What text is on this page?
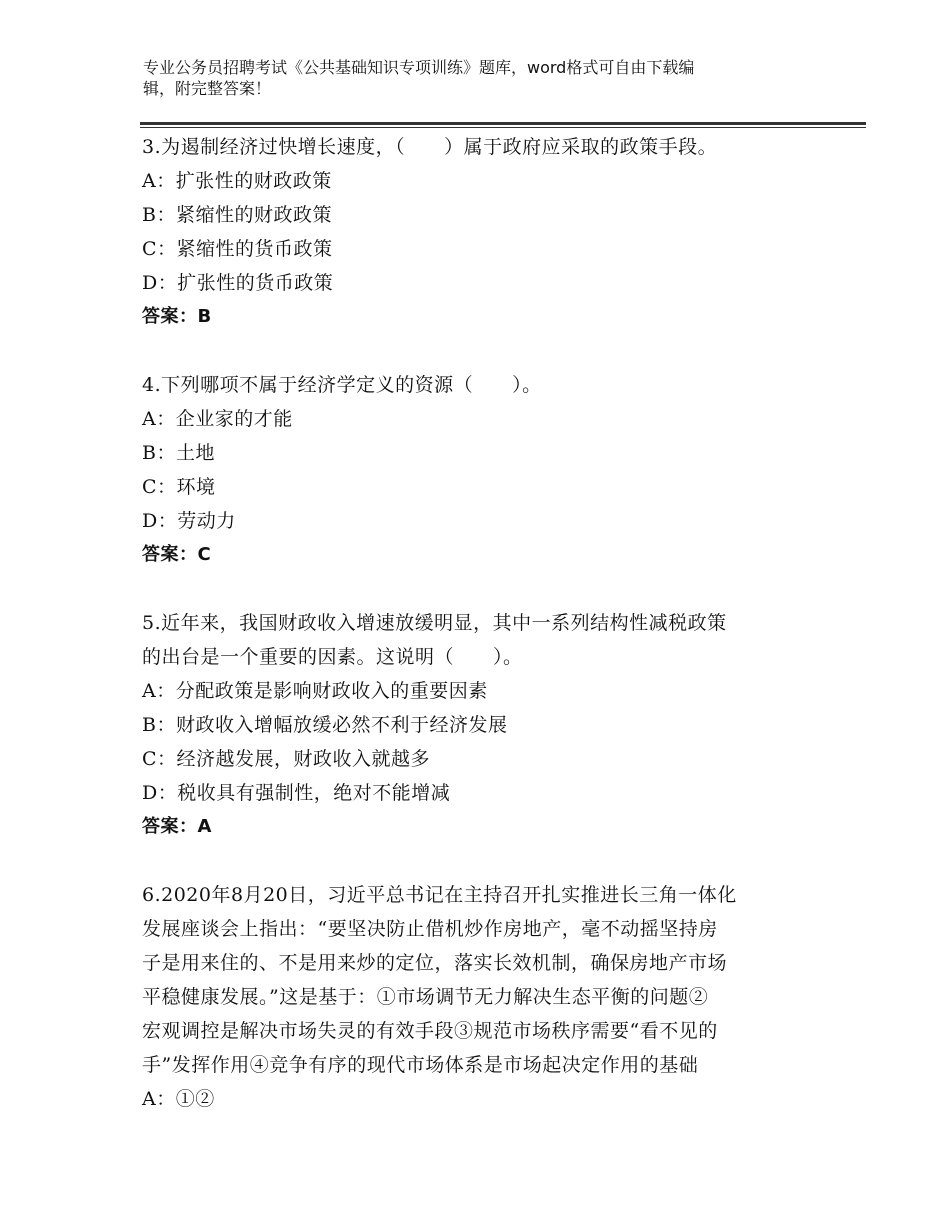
专业公务员招聘考试《公共基础知识专项训练》题库，word格式可自由下载编
辑，附完整答案！
3.为遏制经济过快增长速度，（　　）属于政府应采取的政策手段。
A：扩张性的财政政策
B：紧缩性的财政政策
C：紧缩性的货币政策
D：扩张性的货币政策
答案：B
4.下列哪项不属于经济学定义的资源（　　）。
A：企业家的才能
B：土地
C：环境
D：劳动力
答案：C
5.近年来，我国财政收入增速放缓明显，其中一系列结构性减税政策
的出台是一个重要的因素。这说明（　　）。
A：分配政策是影响财政收入的重要因素
B：财政收入增幅放缓必然不利于经济发展
C：经济越发展，财政收入就越多
D：税收具有强制性，绝对不能增减
答案：A
6.2020年8月20日，习近平总书记在主持召开扎实推进长三角一体化
发展座谈会上指出：“要坚决防止借机炒作房地产，毫不动摇坚持房
子是用来住的、不是用来炒的定位，落实长效机制，确保房地产市场
平稳健康发展。”这是基于：①市场调节无力解决生态平衡的问题②
宏观调控是解决市场失灵的有效手段③规范市场秩序需要“看不见的
手”发挥作用④竞争有序的现代市场体系是市场起决定作用的基础
A：①②
